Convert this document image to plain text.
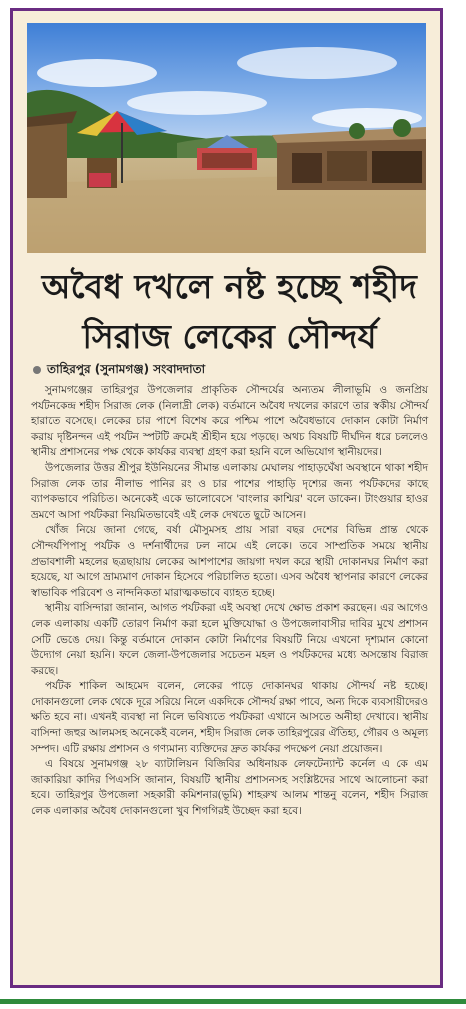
অবৈধ দখলে নষ্ট হচ্ছে শহীদ
সিরাজ লেকের সৌন্দর্য
তাহিরপুর (সুনামগঞ্জ) সংবাদদাতা

সুনামগঞ্জের তাহিরপুর উপজেলার প্রাকৃতিক সৌন্দর্যের অন্যতম লীলাভূমি ও জনপ্রিয় পর্যটনকেন্দ্র শহীদ সিরাজ লেক (নিলাদ্রী লেক) বর্তমানে অবৈধ দখলের কারণে তার স্বকীয় সৌন্দর্য হারাতে বসেছে। লেকের চার পাশে বিশেষ করে পশ্চিম পাশে অবৈধভাবে দোকান কোটা নির্মাণ করায় দৃষ্টিনন্দন এই পর্যটন স্পটটি ক্রমেই শ্রীহীন হয়ে পড়ছে। অথচ বিষয়টি দীর্ঘদিন ধরে চললেও স্থানীয় প্রশাসনের পক্ষ থেকে কার্যকর ব্যবস্থা গ্রহণ করা হয়নি বলে অভিযোগ স্থানীয়দের।

উপজেলার উত্তর শ্রীপুর ইউনিয়নের সীমান্ত এলাকায় মেঘালয় পাহাড়ঘেঁষা অবস্থানে থাকা শহীদ সিরাজ লেক তার নীলাভ পানির রং ও চার পাশের পাহাড়ি দৃশ্যের জন্য পর্যটকদের কাছে ব্যাপকভাবে পরিচিত। অনেকেই একে ভালোবেসে 'বাংলার কাশ্মির' বলে ডাকেন। টাংগুয়ার হাওর ভ্রমণে আসা পর্যটকরা নিয়মিতভাবেই এই লেক দেখতে ছুটে আসেন।

খোঁজ নিয়ে জানা গেছে, বর্ষা মৌসুমসহ প্রায় সারা বছর দেশের বিভিন্ন প্রান্ত থেকে সৌন্দর্যপিপাসু পর্যটক ও দর্শনার্থীদের ঢল নামে এই লেকে। তবে সাম্প্রতিক সময়ে স্থানীয় প্রভাবশালী মহলের ছত্রছায়ায় লেকের আশপাশের জায়গা দখল করে স্থায়ী দোকানঘর নির্মাণ করা হয়েছে, যা আগে ভ্রাম্যমাণ দোকান হিসেবে পরিচালিত হতো। এসব অবৈধ স্থাপনার কারণে লেকের স্বাভাবিক পরিবেশ ও নান্দনিকতা মারাত্মকভাবে ব্যাহত হচ্ছে।

স্থানীয় বাসিন্দারা জানান, আগত পর্যটকরা এই অবস্থা দেখে ক্ষোভ প্রকাশ করছেন। এর আগেও লেক এলাকায় একটি তোরণ নির্মাণ করা হলে মুক্তিযোদ্ধা ও উপজেলাবাসীর দাবির মুখে প্রশাসন সেটি ভেঙে দেয়। কিন্তু বর্তমানে দোকান কোটা নির্মাণের বিষয়টি নিয়ে এখনো দৃশ্যমান কোনো উদ্যোগ নেয়া হয়নি। ফলে জেলা-উপজেলার সচেতন মহল ও পর্যটকদের মধ্যে অসন্তোষ বিরাজ করছে।

পর্যটক শাকিল আহমেদ বলেন, লেকের পাড়ে দোকানঘর থাকায় সৌন্দর্য নষ্ট হচ্ছে। দোকানগুলো লেক থেকে দূরে সরিয়ে নিলে একদিকে সৌন্দর্য রক্ষা পাবে, অন্য দিকে ব্যবসায়ীদেরও ক্ষতি হবে না। এখনই ব্যবস্থা না নিলে ভবিষ্যতে পর্যটকরা এখানে আসতে অনীহা দেখাবে। স্থানীয় বাসিন্দা জহুর আলমসহ অনেকেই বলেন, শহীদ সিরাজ লেক তাহিরপুরের ঐতিহ্য, গৌরব ও অমূল্য সম্পদ। এটি রক্ষায় প্রশাসন ও গণ্যমান্য ব্যক্তিদের দ্রুত কার্যকর পদক্ষেপ নেয়া প্রয়োজন।

এ বিষয়ে সুনামগঞ্জ ২৮ ব্যাটালিয়ন বিজিবির অধিনায়ক লেফটেন্যান্ট কর্নেল এ কে এম জাকারিয়া কাদির পিএসসি জানান, বিষয়টি স্থানীয় প্রশাসনসহ সংশ্লিষ্টদের সাথে আলোচনা করা হবে। তাহিরপুর উপজেলা সহকারী কমিশনার(ভূমি) শাহরুখ আলম শান্তনু বলেন, শহীদ সিরাজ লেক এলাকার অবৈধ দোকানগুলো খুব শিগগিরই উচ্ছেদ করা হবে।
